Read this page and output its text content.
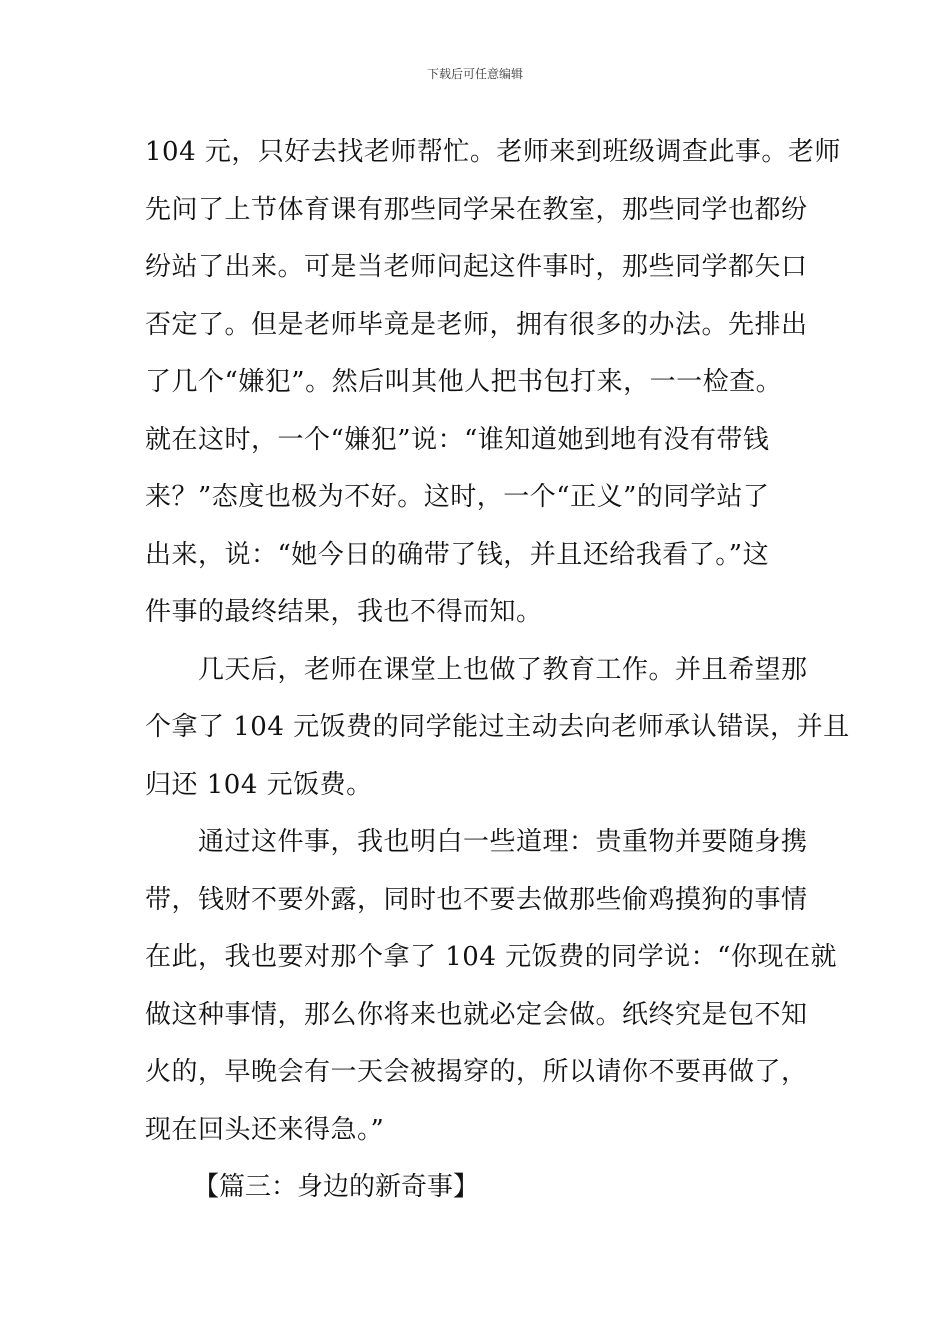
下载后可任意编辑
104 元，只好去找老师帮忙。老师来到班级调查此事。老师
先问了上节体育课有那些同学呆在教室，那些同学也都纷
纷站了出来。可是当老师问起这件事时，那些同学都矢口
否定了。但是老师毕竟是老师，拥有很多的办法。先排出
了几个“嫌犯”。然后叫其他人把书包打来，一一检查。
就在这时，一个“嫌犯”说：“谁知道她到地有没有带钱
来？”态度也极为不好。这时，一个“正义”的同学站了
出来，说：“她今日的确带了钱，并且还给我看了。”这
件事的最终结果，我也不得而知。
几天后，老师在课堂上也做了教育工作。并且希望那
个拿了 104 元饭费的同学能过主动去向老师承认错误，并且
归还 104 元饭费。
通过这件事，我也明白一些道理：贵重物并要随身携
带，钱财不要外露，同时也不要去做那些偷鸡摸狗的事情
在此，我也要对那个拿了 104 元饭费的同学说：“你现在就
做这种事情，那么你将来也就必定会做。纸终究是包不知
火的，早晚会有一天会被揭穿的，所以请你不要再做了，
现在回头还来得急。”
【篇三：身边的新奇事】
